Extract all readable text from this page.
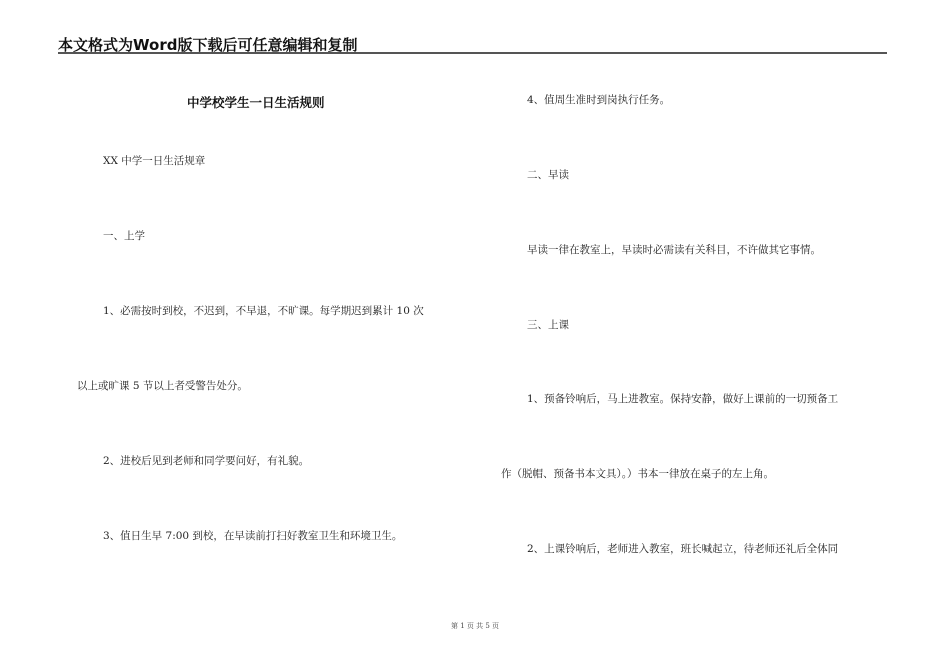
本文格式为Word版下载后可任意编辑和复制
中学校学生一日生活规则
XX 中学一日生活规章
一、上学
1、必需按时到校，不迟到，不早退，不旷课。每学期迟到累计 10 次
以上或旷课 5 节以上者受警告处分。
2、进校后见到老师和同学要问好，有礼貌。
3、值日生早 7:00 到校，在早读前打扫好教室卫生和环境卫生。
4、值周生准时到岗执行任务。
二、早读
早读一律在教室上，早读时必需读有关科目，不许做其它事情。
三、上课
1、预备铃响后，马上进教室。保持安静，做好上课前的一切预备工
作（脱帽、预备书本文具）。）书本一律放在桌子的左上角。
2、上课铃响后，老师进入教室，班长喊起立，待老师还礼后全体同
第 1 页 共 5 页
